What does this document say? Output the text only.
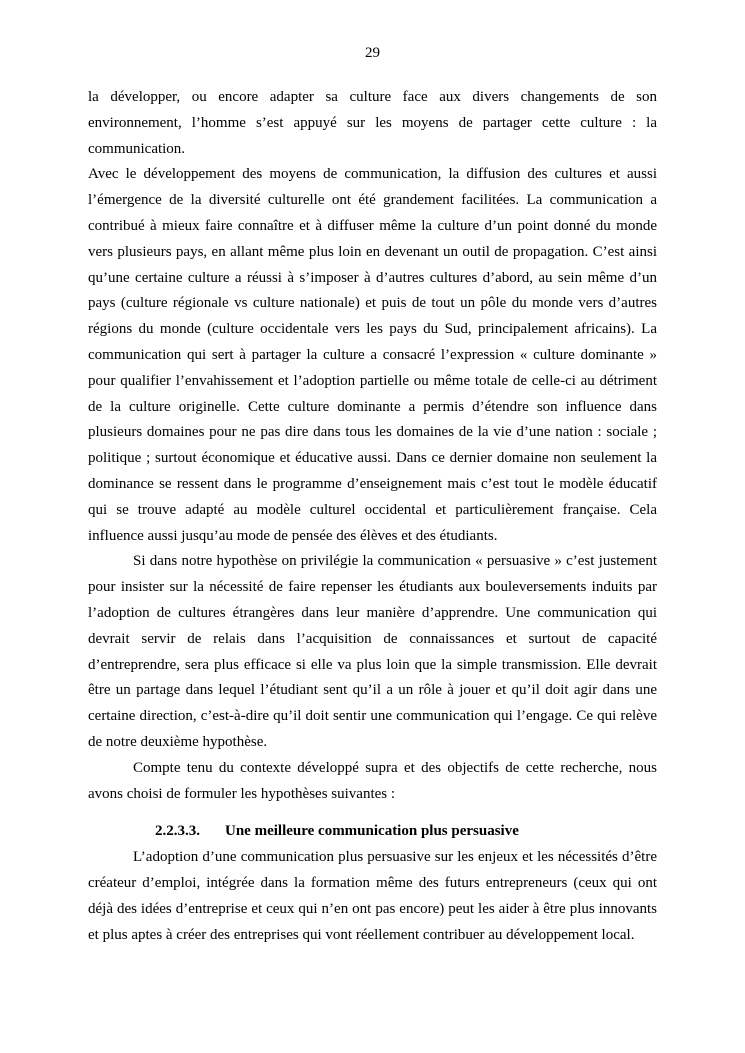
29

la développer, ou encore adapter sa culture face aux divers changements de son environnement, l’homme s’est appuyé sur les moyens de partager cette culture : la communication.

Avec le développement des moyens de communication, la diffusion des cultures et aussi l’émergence de la diversité culturelle ont été grandement facilitées. La communication a contribué à mieux faire connaître et à diffuser même la culture d’un point donné du monde vers plusieurs pays, en allant même plus loin en devenant un outil de propagation. C’est ainsi qu’une certaine culture a réussi à s’imposer à d’autres cultures d’abord, au sein même d’un pays (culture régionale vs culture nationale) et puis de tout un pôle du monde vers d’autres régions du monde (culture occidentale vers les pays du Sud, principalement africains). La communication qui sert à partager la culture a consacré l’expression « culture dominante » pour qualifier l’envahissement et l’adoption partielle ou même totale de celle-ci au détriment de la culture originelle. Cette culture dominante a permis d’étendre son influence dans plusieurs domaines pour ne pas dire dans tous les domaines de la vie d’une nation : sociale ; politique ; surtout économique et éducative aussi. Dans ce dernier domaine non seulement la dominance se ressent dans le programme d’enseignement mais c’est tout le modèle éducatif qui se trouve adapté au modèle culturel occidental et particulièrement française. Cela influence aussi jusqu’au mode de pensée des élèves et des étudiants.

Si dans notre hypothèse on privilégie la communication « persuasive » c’est justement pour insister sur la nécessité de faire repenser les étudiants aux bouleversements induits par l’adoption de cultures étrangères dans leur manière d’apprendre. Une communication qui devrait servir de relais dans l’acquisition de connaissances et surtout de capacité d’entreprendre, sera plus efficace si elle va plus loin que la simple transmission. Elle devrait être un partage dans lequel l’étudiant sent qu’il a un rôle à jouer et qu’il doit agir dans une certaine direction, c’est-à-dire qu’il doit sentir une communication qui l’engage. Ce qui relève de notre deuxième hypothèse.

Compte tenu du contexte développé supra et des objectifs de cette recherche, nous avons choisi de formuler les hypothèses suivantes :

2.2.3.3. Une meilleure communication plus persuasive

L’adoption d’une communication plus persuasive sur les enjeux et les nécessités d’être créateur d’emploi, intégrée dans la formation même des futurs entrepreneurs (ceux qui ont déjà des idées d’entreprise et ceux qui n’en ont pas encore) peut les aider à être plus innovants et plus aptes à créer des entreprises qui vont réellement contribuer au développement local.
